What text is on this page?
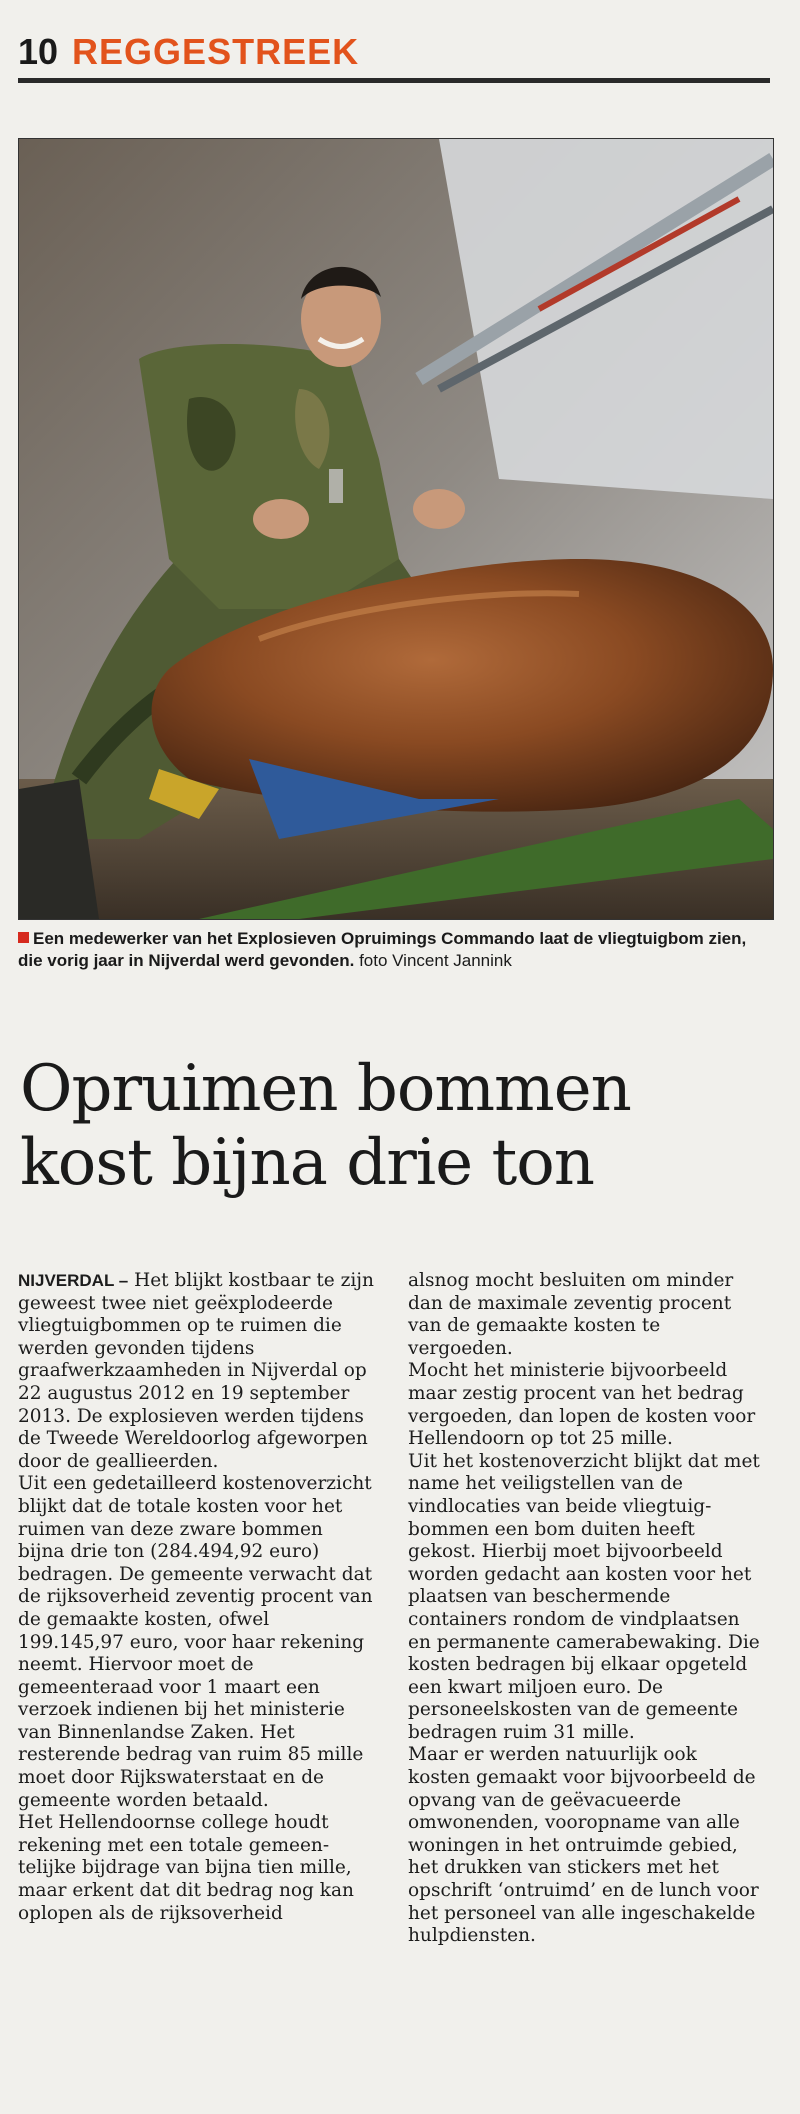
10 REGGESTREEK
Een medewerker van het Explosieven Opruimings Commando laat de vliegtuigbom zien, die vorig jaar in Nijverdal werd gevonden. foto Vincent Jannink
Opruimen bommen
kost bijna drie ton

NIJVERDAL – Het blijkt kostbaar te zijn geweest twee niet geëxplodeerde vliegtuigbommen op te ruimen die werden gevonden tijdens graafwerkzaamheden in Nijverdal op 22 augustus 2012 en 19 september 2013. De explosieven werden tijdens de Tweede Wereldoorlog afgeworpen door de geallieerden.

Uit een gedetailleerd kostenoverzicht blijkt dat de totale kosten voor het ruimen van deze zware bommen bijna drie ton (284.494,92 euro) bedragen. De gemeente verwacht dat de rijksoverheid zeventig procent van de gemaakte kosten, ofwel 199.145,97 euro, voor haar rekening neemt. Hiervoor moet de gemeenteraad voor 1 maart een verzoek indienen bij het ministerie van Binnenlandse Zaken. Het resterende bedrag van ruim 85 mille moet door Rijkswaterstaat en de gemeente worden betaald.

Het Hellendoornse college houdt rekening met een totale gemeentelijke bijdrage van bijna tien mille, maar erkent dat dit bedrag nog kan oplopen als de rijksoverheid

alsnog mocht besluiten om minder dan de maximale zeventig procent van de gemaakte kosten te vergoeden.

Mocht het ministerie bijvoorbeeld maar zestig procent van het bedrag vergoeden, dan lopen de kosten voor Hellendoorn op tot 25 mille.

Uit het kostenoverzicht blijkt dat met name het veiligstellen van de vindlocaties van beide vliegtuigbommen een bom duiten heeft gekost. Hierbij moet bijvoorbeeld worden gedacht aan kosten voor het plaatsen van beschermende containers rondom de vindplaatsen en permanente camerabewaking. Die kosten bedragen bij elkaar opgeteld een kwart miljoen euro. De personeelskosten van de gemeente bedragen ruim 31 mille.

Maar er werden natuurlijk ook kosten gemaakt voor bijvoorbeeld de opvang van de geëvacueerde omwonenden, vooropname van alle woningen in het ontruimde gebied, het drukken van stickers met het opschrift ‘ontruimd’ en de lunch voor het personeel van alle ingeschakelde hulpdiensten.
